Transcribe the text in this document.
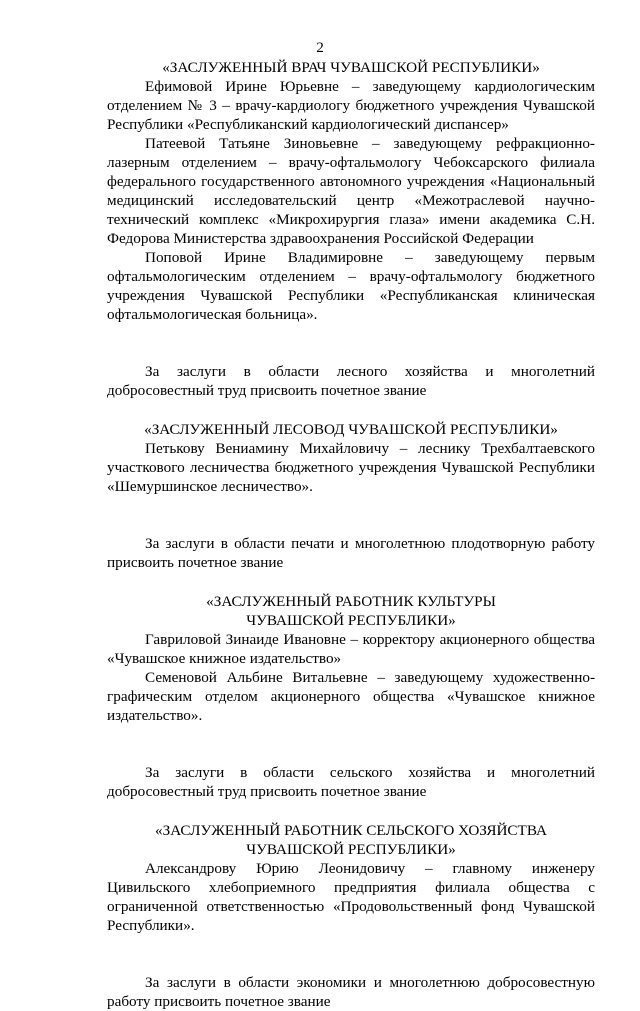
2
«ЗАСЛУЖЕННЫЙ ВРАЧ ЧУВАШСКОЙ РЕСПУБЛИКИ»

Ефимовой Ирине Юрьевне – заведующему кардиологическим отделением № 3 – врачу-кардиологу бюджетного учреждения Чувашской Республики «Республиканский кардиологический диспансер»

Патеевой Татьяне Зиновьевне – заведующему рефракционно-лазерным отделением – врачу-офтальмологу Чебоксарского филиала федерального государственного автономного учреждения «Национальный медицинский исследовательский центр «Межотраслевой научно-технический комплекс «Микрохирургия глаза» имени академика С.Н. Федорова Министерства здравоохранения Российской Федерации

Поповой Ирине Владимировне – заведующему первым офтальмологическим отделением – врачу-офтальмологу бюджетного учреждения Чувашской Республики «Республиканская клиническая офтальмологическая больница».

За заслуги в области лесного хозяйства и многолетний добросовестный труд присвоить почетное звание

«ЗАСЛУЖЕННЫЙ ЛЕСОВОД ЧУВАШСКОЙ РЕСПУБЛИКИ»

Петькову Вениамину Михайловичу – леснику Трехбалтаевского участкового лесничества бюджетного учреждения Чувашской Республики «Шемуршинское лесничество».

За заслуги в области печати и многолетнюю плодотворную работу присвоить почетное звание

«ЗАСЛУЖЕННЫЙ РАБОТНИК КУЛЬТУРЫ
ЧУВАШСКОЙ РЕСПУБЛИКИ»

Гавриловой Зинаиде Ивановне – корректору акционерного общества «Чувашское книжное издательство»

Семеновой Альбине Витальевне – заведующему художественно-графическим отделом акционерного общества «Чувашское книжное издательство».

За заслуги в области сельского хозяйства и многолетний добросовестный труд присвоить почетное звание

«ЗАСЛУЖЕННЫЙ РАБОТНИК СЕЛЬСКОГО ХОЗЯЙСТВА
ЧУВАШСКОЙ РЕСПУБЛИКИ»

Александрову Юрию Леонидовичу – главному инженеру Цивильского хлебоприемного предприятия филиала общества с ограниченной ответственностью «Продовольственный фонд Чувашской Республики».

За заслуги в области экономики и многолетнюю добросовестную работу присвоить почетное звание
